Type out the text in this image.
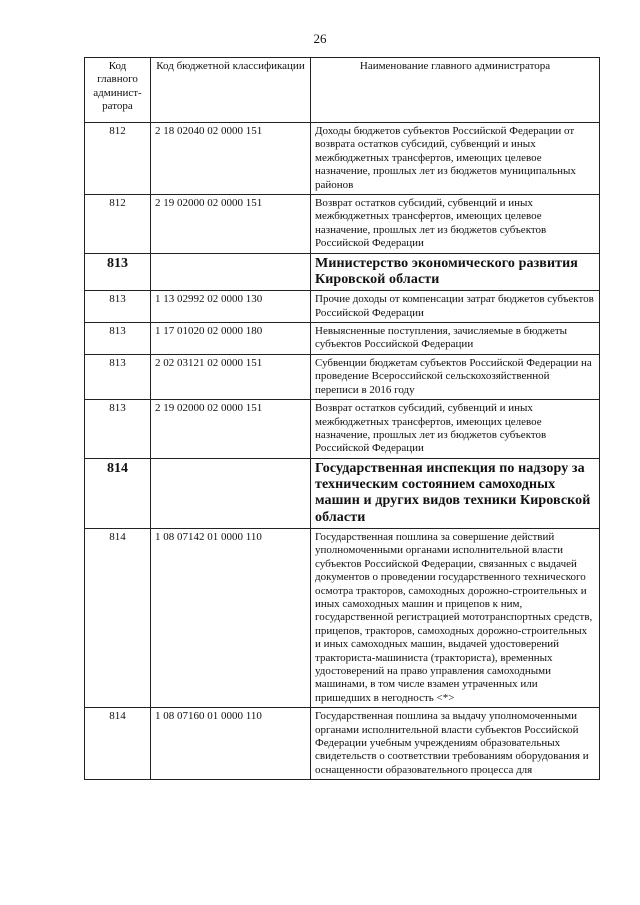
26
Код главного админист-ратора	Код бюджетной классификации	Наименование главного администратора
812	2 18 02040 02 0000 151	Доходы бюджетов субъектов Российской Федерации от возврата остатков субсидий, субвенций и иных межбюджетных трансфертов, имеющих целевое назначение, прошлых лет из бюджетов муниципальных районов
812	2 19 02000 02 0000 151	Возврат остатков субсидий, субвенций и иных межбюджетных трансфертов, имеющих целевое назначение, прошлых лет из бюджетов субъектов Российской Федерации
813		Министерство экономического развития Кировской области
813	1 13 02992 02 0000 130	Прочие доходы от компенсации затрат бюджетов субъектов Российской Федерации
813	1 17 01020 02 0000 180	Невыясненные поступления, зачисляемые в бюджеты субъектов Российской Федерации
813	2 02 03121 02 0000 151	Субвенции бюджетам субъектов Российской Федерации на проведение Всероссийской сельскохозяйственной переписи в 2016 году
813	2 19 02000 02 0000 151	Возврат остатков субсидий, субвенций и иных межбюджетных трансфертов, имеющих целевое назначение, прошлых лет из бюджетов субъектов Российской Федерации
814		Государственная инспекция по надзору за техническим состоянием самоходных машин и других видов техники Кировской области
814	1 08 07142 01 0000 110	Государственная пошлина за совершение действий уполномоченными органами исполнительной власти субъектов Российской Федерации, связанных с выдачей документов о проведении государственного технического осмотра тракторов, самоходных дорожно-строительных и иных самоходных машин и прицепов к ним, государственной регистрацией мототранспортных средств, прицепов, тракторов, самоходных дорожно-строительных и иных самоходных машин, выдачей удостоверений тракториста-машиниста (тракториста), временных удостоверений на право управления самоходными машинами, в том числе взамен утраченных или пришедших в негодность <*>
814	1 08 07160 01 0000 110	Государственная пошлина за выдачу уполномоченными органами исполнительной власти субъектов Российской Федерации учебным учреждениям образовательных свидетельств о соответствии требованиям оборудования и оснащенности образовательного процесса для
